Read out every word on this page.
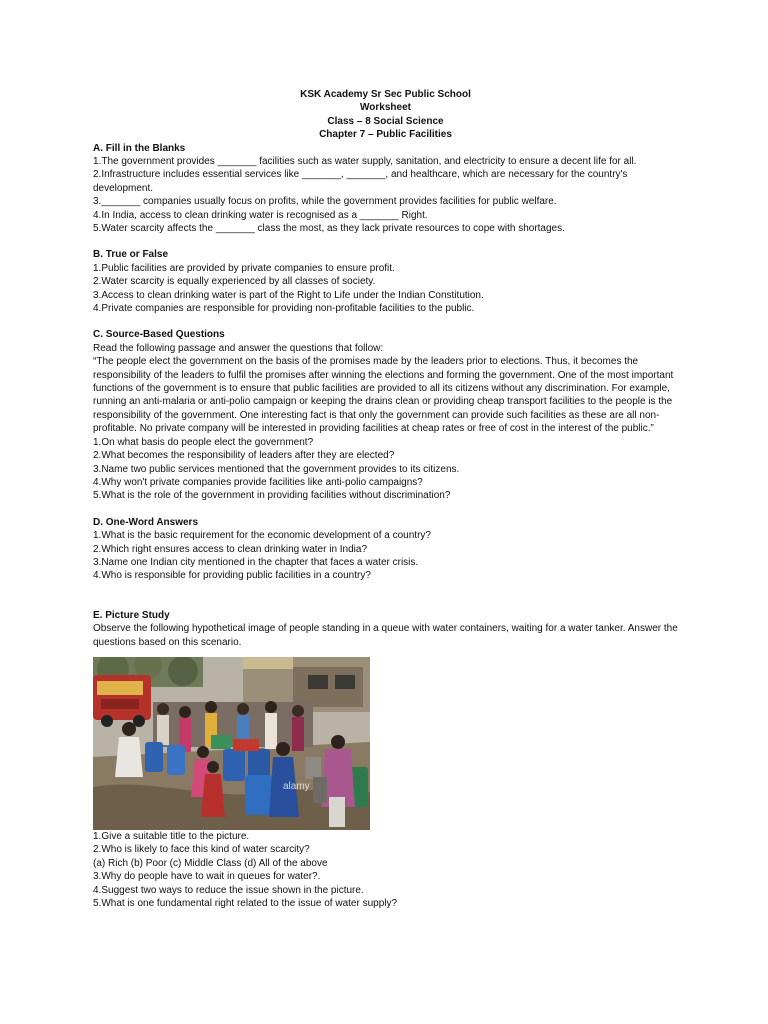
KSK Academy Sr Sec Public School
Worksheet
Class – 8 Social Science
Chapter 7 – Public Facilities
A. Fill in the Blanks
1.The government provides _______ facilities such as water supply, sanitation, and electricity to ensure a decent life for all.
2.Infrastructure includes essential services like _______, _______, and healthcare, which are necessary for the country's development.
3._______ companies usually focus on profits, while the government provides facilities for public welfare.
4.In India, access to clean drinking water is recognised as a _______ Right.
5.Water scarcity affects the _______ class the most, as they lack private resources to cope with shortages.
B. True or False
1.Public facilities are provided by private companies to ensure profit.
2.Water scarcity is equally experienced by all classes of society.
3.Access to clean drinking water is part of the Right to Life under the Indian Constitution.
4.Private companies are responsible for providing non-profitable facilities to the public.
C. Source-Based Questions
Read the following passage and answer the questions that follow:
“The people elect the government on the basis of the promises made by the leaders prior to elections. Thus, it becomes the responsibility of the leaders to fulfil the promises after winning the elections and forming the government. One of the most important functions of the government is to ensure that public facilities are provided to all its citizens without any discrimination. For example, running an anti-malaria or anti-polio campaign or keeping the drains clean or providing cheap transport facilities to the people is the responsibility of the government. One interesting fact is that only the government can provide such facilities as these are all non-profitable. No private company will be interested in providing facilities at cheap rates or free of cost in the interest of the public.”
1.On what basis do people elect the government?
2.What becomes the responsibility of leaders after they are elected?
3.Name two public services mentioned that the government provides to its citizens.
4.Why won't private companies provide facilities like anti-polio campaigns?
5.What is the role of the government in providing facilities without discrimination?
D. One-Word Answers
1.What is the basic requirement for the economic development of a country?
2.Which right ensures access to clean drinking water in India?
3.Name one Indian city mentioned in the chapter that faces a water crisis.
4.Who is responsible for providing public facilities in a country?
E. Picture Study
Observe the following hypothetical image of people standing in a queue with water containers, waiting for a water tanker. Answer the questions based on this scenario.
alamy
1.Give a suitable title to the picture.
2.Who is likely to face this kind of water scarcity?
(a) Rich (b) Poor (c) Middle Class (d) All of the above
3.Why do people have to wait in queues for water?.
4.Suggest two ways to reduce the issue shown in the picture.
5.What is one fundamental right related to the issue of water supply?
